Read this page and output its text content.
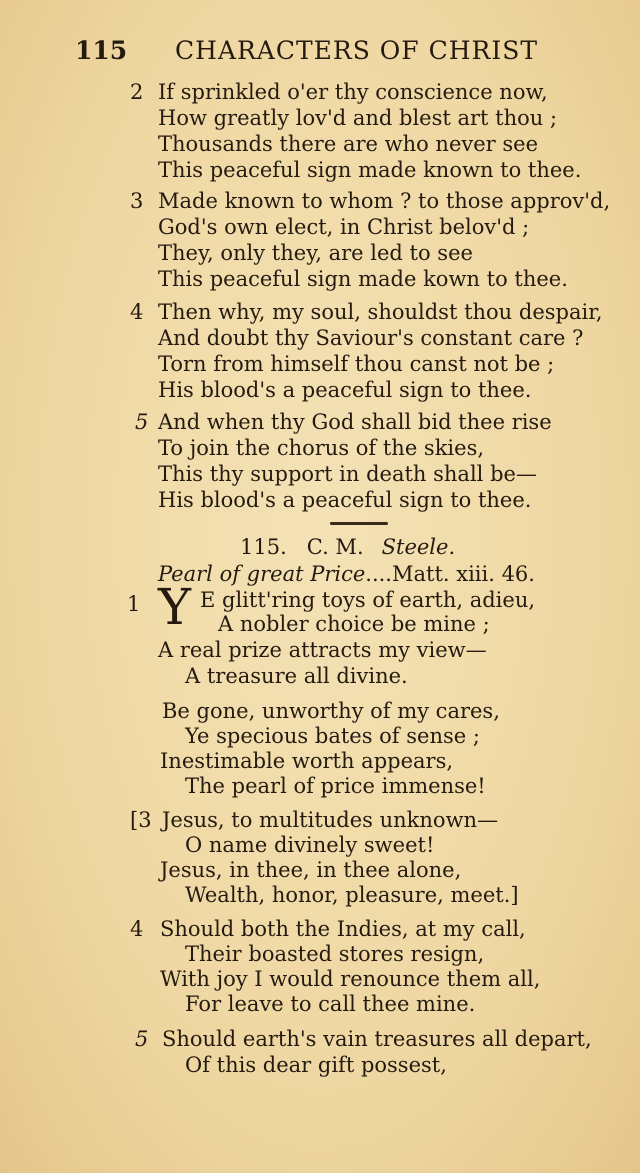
115 CHARACTERS OF CHRIST
2 If sprinkled o'er thy conscience now,
How greatly lov'd and blest art thou ;
Thousands there are who never see
This peaceful sign made known to thee.
3 Made known to whom ? to those approv'd,
God's own elect, in Christ belov'd ;
They, only they, are led to see
This peaceful sign made kown to thee.
4 Then why, my soul, shouldst thou despair,
And doubt thy Saviour's constant care ?
Torn from himself thou canst not be ;
His blood's a peaceful sign to thee.
5 And when thy God shall bid thee rise
To join the chorus of the skies,
This thy support in death shall be—
His blood's a peaceful sign to thee.
115. C. M. Steele.
Pearl of great Price....Matt. xiii. 46.
1 Y E glitt'ring toys of earth, adieu,
A nobler choice be mine ;
A real prize attracts my view—
A treasure all divine.
Be gone, unworthy of my cares,
Ye specious bates of sense ;
Inestimable worth appears,
The pearl of price immense!
[3 Jesus, to multitudes unknown—
O name divinely sweet!
Jesus, in thee, in thee alone,
Wealth, honor, pleasure, meet.]
4 Should both the Indies, at my call,
Their boasted stores resign,
With joy I would renounce them all,
For leave to call thee mine.
5 Should earth's vain treasures all depart,
Of this dear gift possest,
